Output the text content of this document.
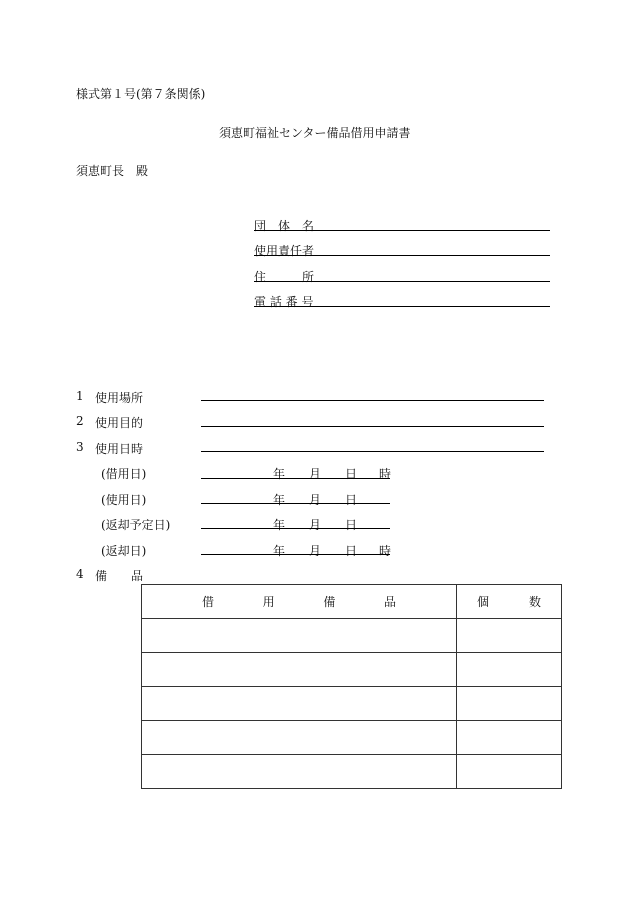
様式第１号(第７条関係)
須恵町福祉センター備品借用申請書
須恵町長　殿
団　体　名
使用責任者
住　　　所
電 話 番 号
1 使用場所
2 使用目的
3 使用日時
(借用日)	年 月 日 時
(使用日)	年 月 日
(返却予定日)	年 月 日
(返却日)	年 月 日 時
4 備　　品
借 用 備 品	個 数
